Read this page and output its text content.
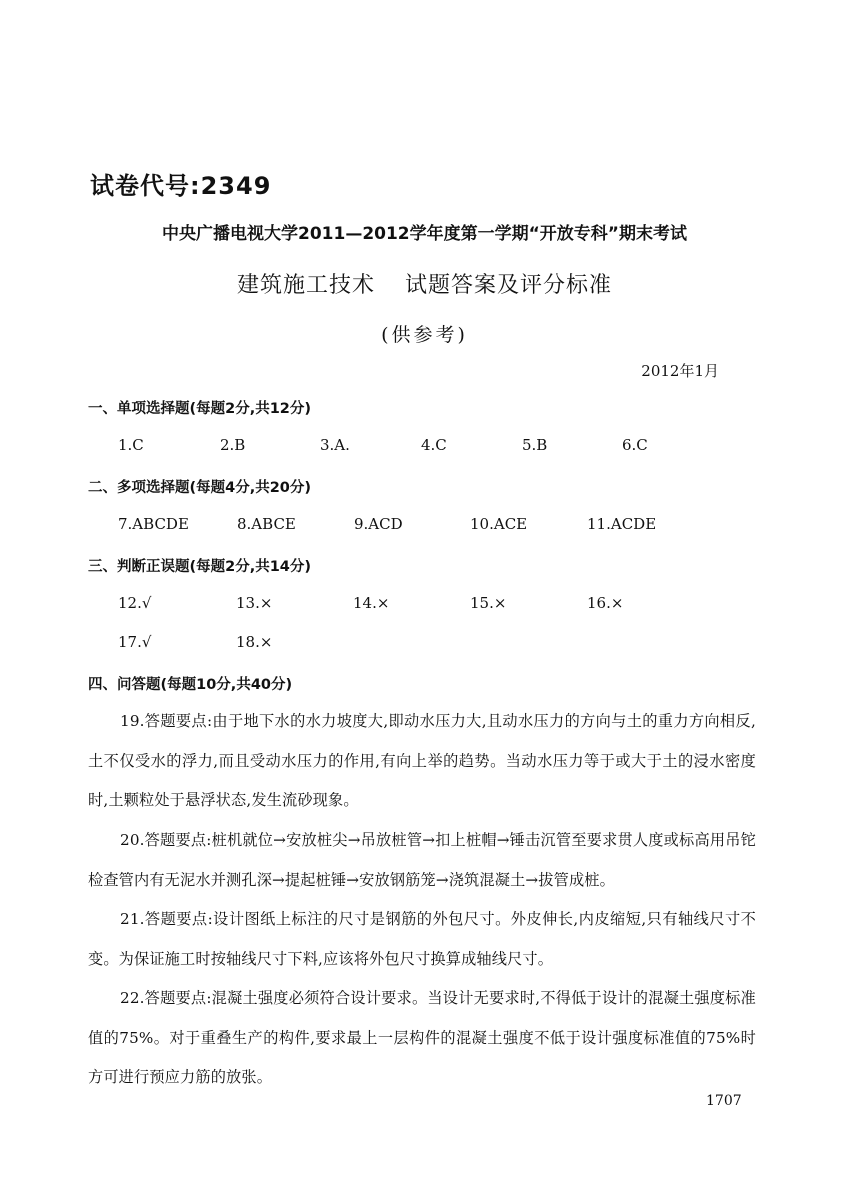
试卷代号:2349
中央广播电视大学2011—2012学年度第一学期“开放专科”期末考试
建筑施工技术 试题答案及评分标准
(供参考)
2012年1月
一、单项选择题(每题2分,共12分)
1.C	2.B	3.A.	4.C	5.B	6.C
二、多项选择题(每题4分,共20分)
7.ABCDE	8.ABCE	9.ACD	10.ACE	11.ACDE
三、判断正误题(每题2分,共14分)
12.√	13.×	14.×	15.×	16.×
17.√	18.×
四、问答题(每题10分,共40分)
19.答题要点:由于地下水的水力坡度大,即动水压力大,且动水压力的方向与土的重力方向相反,土不仅受水的浮力,而且受动水压力的作用,有向上举的趋势。当动水压力等于或大于土的浸水密度时,土颗粒处于悬浮状态,发生流砂现象。
20.答题要点:桩机就位→安放桩尖→吊放桩管→扣上桩帽→锤击沉管至要求贯人度或标高用吊铊检查管内有无泥水并测孔深→提起桩锤→安放钢筋笼→浇筑混凝土→拔管成桩。
21.答题要点:设计图纸上标注的尺寸是钢筋的外包尺寸。外皮伸长,内皮缩短,只有轴线尺寸不变。为保证施工时按轴线尺寸下料,应该将外包尺寸换算成轴线尺寸。
22.答题要点:混凝土强度必须符合设计要求。当设计无要求时,不得低于设计的混凝土强度标准值的75%。对于重叠生产的构件,要求最上一层构件的混凝土强度不低于设计强度标准值的75%时方可进行预应力筋的放张。
1707
